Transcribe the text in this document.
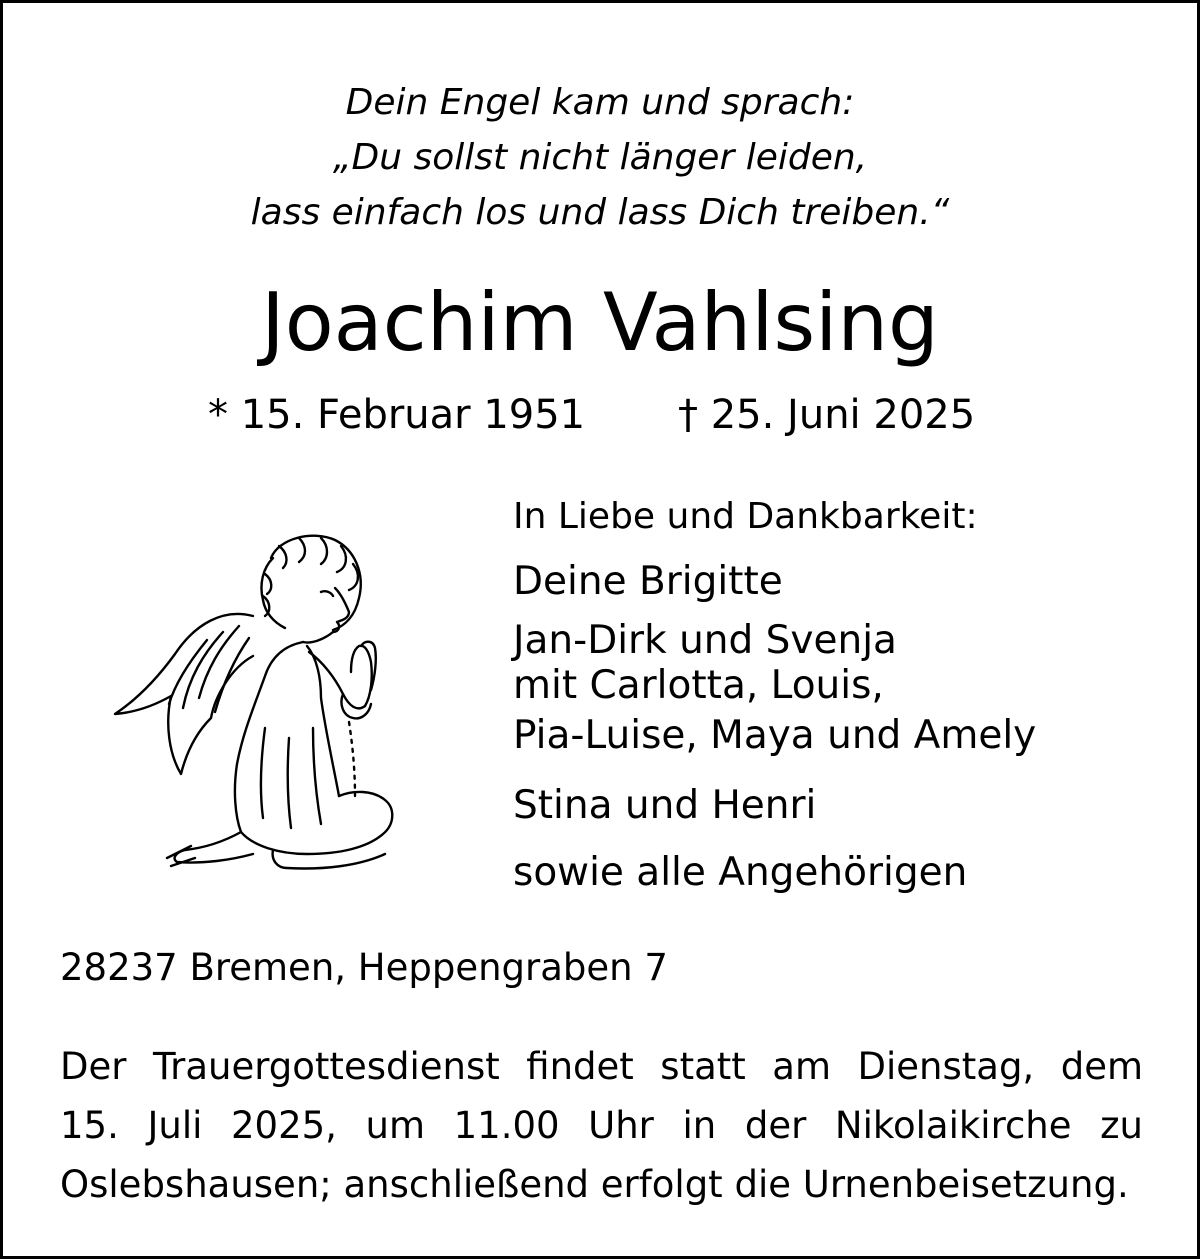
Dein Engel kam und sprach:
„Du sollst nicht länger leiden,
lass einfach los und lass Dich treiben.“
Joachim Vahlsing
* 15. Februar 1951 † 25. Juni 2025
In Liebe und Dankbarkeit:
Deine Brigitte
Jan-Dirk und Svenja
mit Carlotta, Louis,
Pia-Luise, Maya und Amely
Stina und Henri
sowie alle Angehörigen
28237 Bremen, Heppengraben 7
Der Trauergottesdienst findet statt am Dienstag, dem
15. Juli 2025, um 11.00 Uhr in der Nikolaikirche zu
Oslebshausen; anschließend erfolgt die Urnenbeisetzung.
